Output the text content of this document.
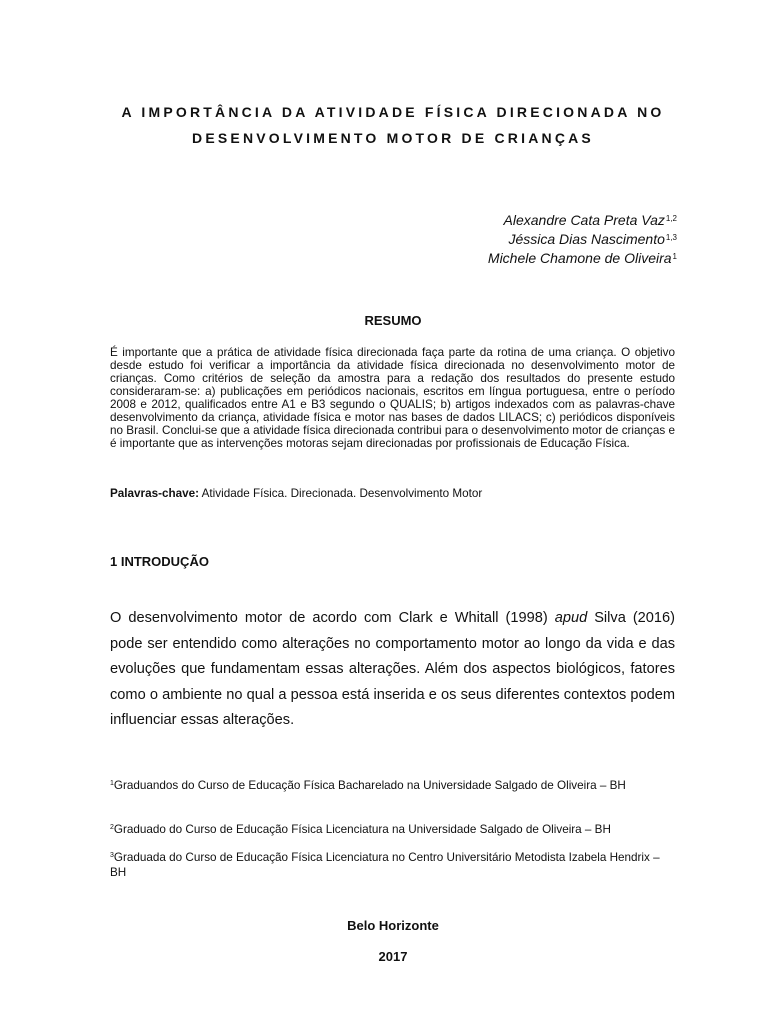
A IMPORTÂNCIA DA ATIVIDADE FÍSICA DIRECIONADA NO
DESENVOLVIMENTO MOTOR DE CRIANÇAS
Alexandre Cata Preta Vaz$^{1,2}$
Jéssica Dias Nascimento$^{1,3}$
Michele Chamone de Oliveira$^1$
RESUMO
É importante que a prática de atividade física direcionada faça parte da rotina de uma criança. O objetivo desde estudo foi verificar a importância da atividade física direcionada no desenvolvimento motor de crianças. Como critérios de seleção da amostra para a redação dos resultados do presente estudo consideraram-se: a) publicações em periódicos nacionais, escritos em língua portuguesa, entre o período 2008 e 2012, qualificados entre A1 e B3 segundo o QUALIS; b) artigos indexados com as palavras-chave desenvolvimento da criança, atividade física e motor nas bases de dados LILACS; c) periódicos disponíveis no Brasil. Conclui-se que a atividade física direcionada contribui para o desenvolvimento motor de crianças e é importante que as intervenções motoras sejam direcionadas por profissionais de Educação Física.
Palavras-chave: Atividade Física. Direcionada. Desenvolvimento Motor
1 INTRODUÇÃO
O desenvolvimento motor de acordo com Clark e Whitall (1998) apud Silva (2016) pode ser entendido como alterações no comportamento motor ao longo da vida e das evoluções que fundamentam essas alterações. Além dos aspectos biológicos, fatores como o ambiente no qual a pessoa está inserida e os seus diferentes contextos podem influenciar essas alterações.
$^1$Graduandos do Curso de Educação Física Bacharelado na Universidade Salgado de Oliveira – BH
$^2$Graduado do Curso de Educação Física Licenciatura na Universidade Salgado de Oliveira – BH
$^3$Graduada do Curso de Educação Física Licenciatura no Centro Universitário Metodista Izabela Hendrix – BH
Belo Horizonte
2017
